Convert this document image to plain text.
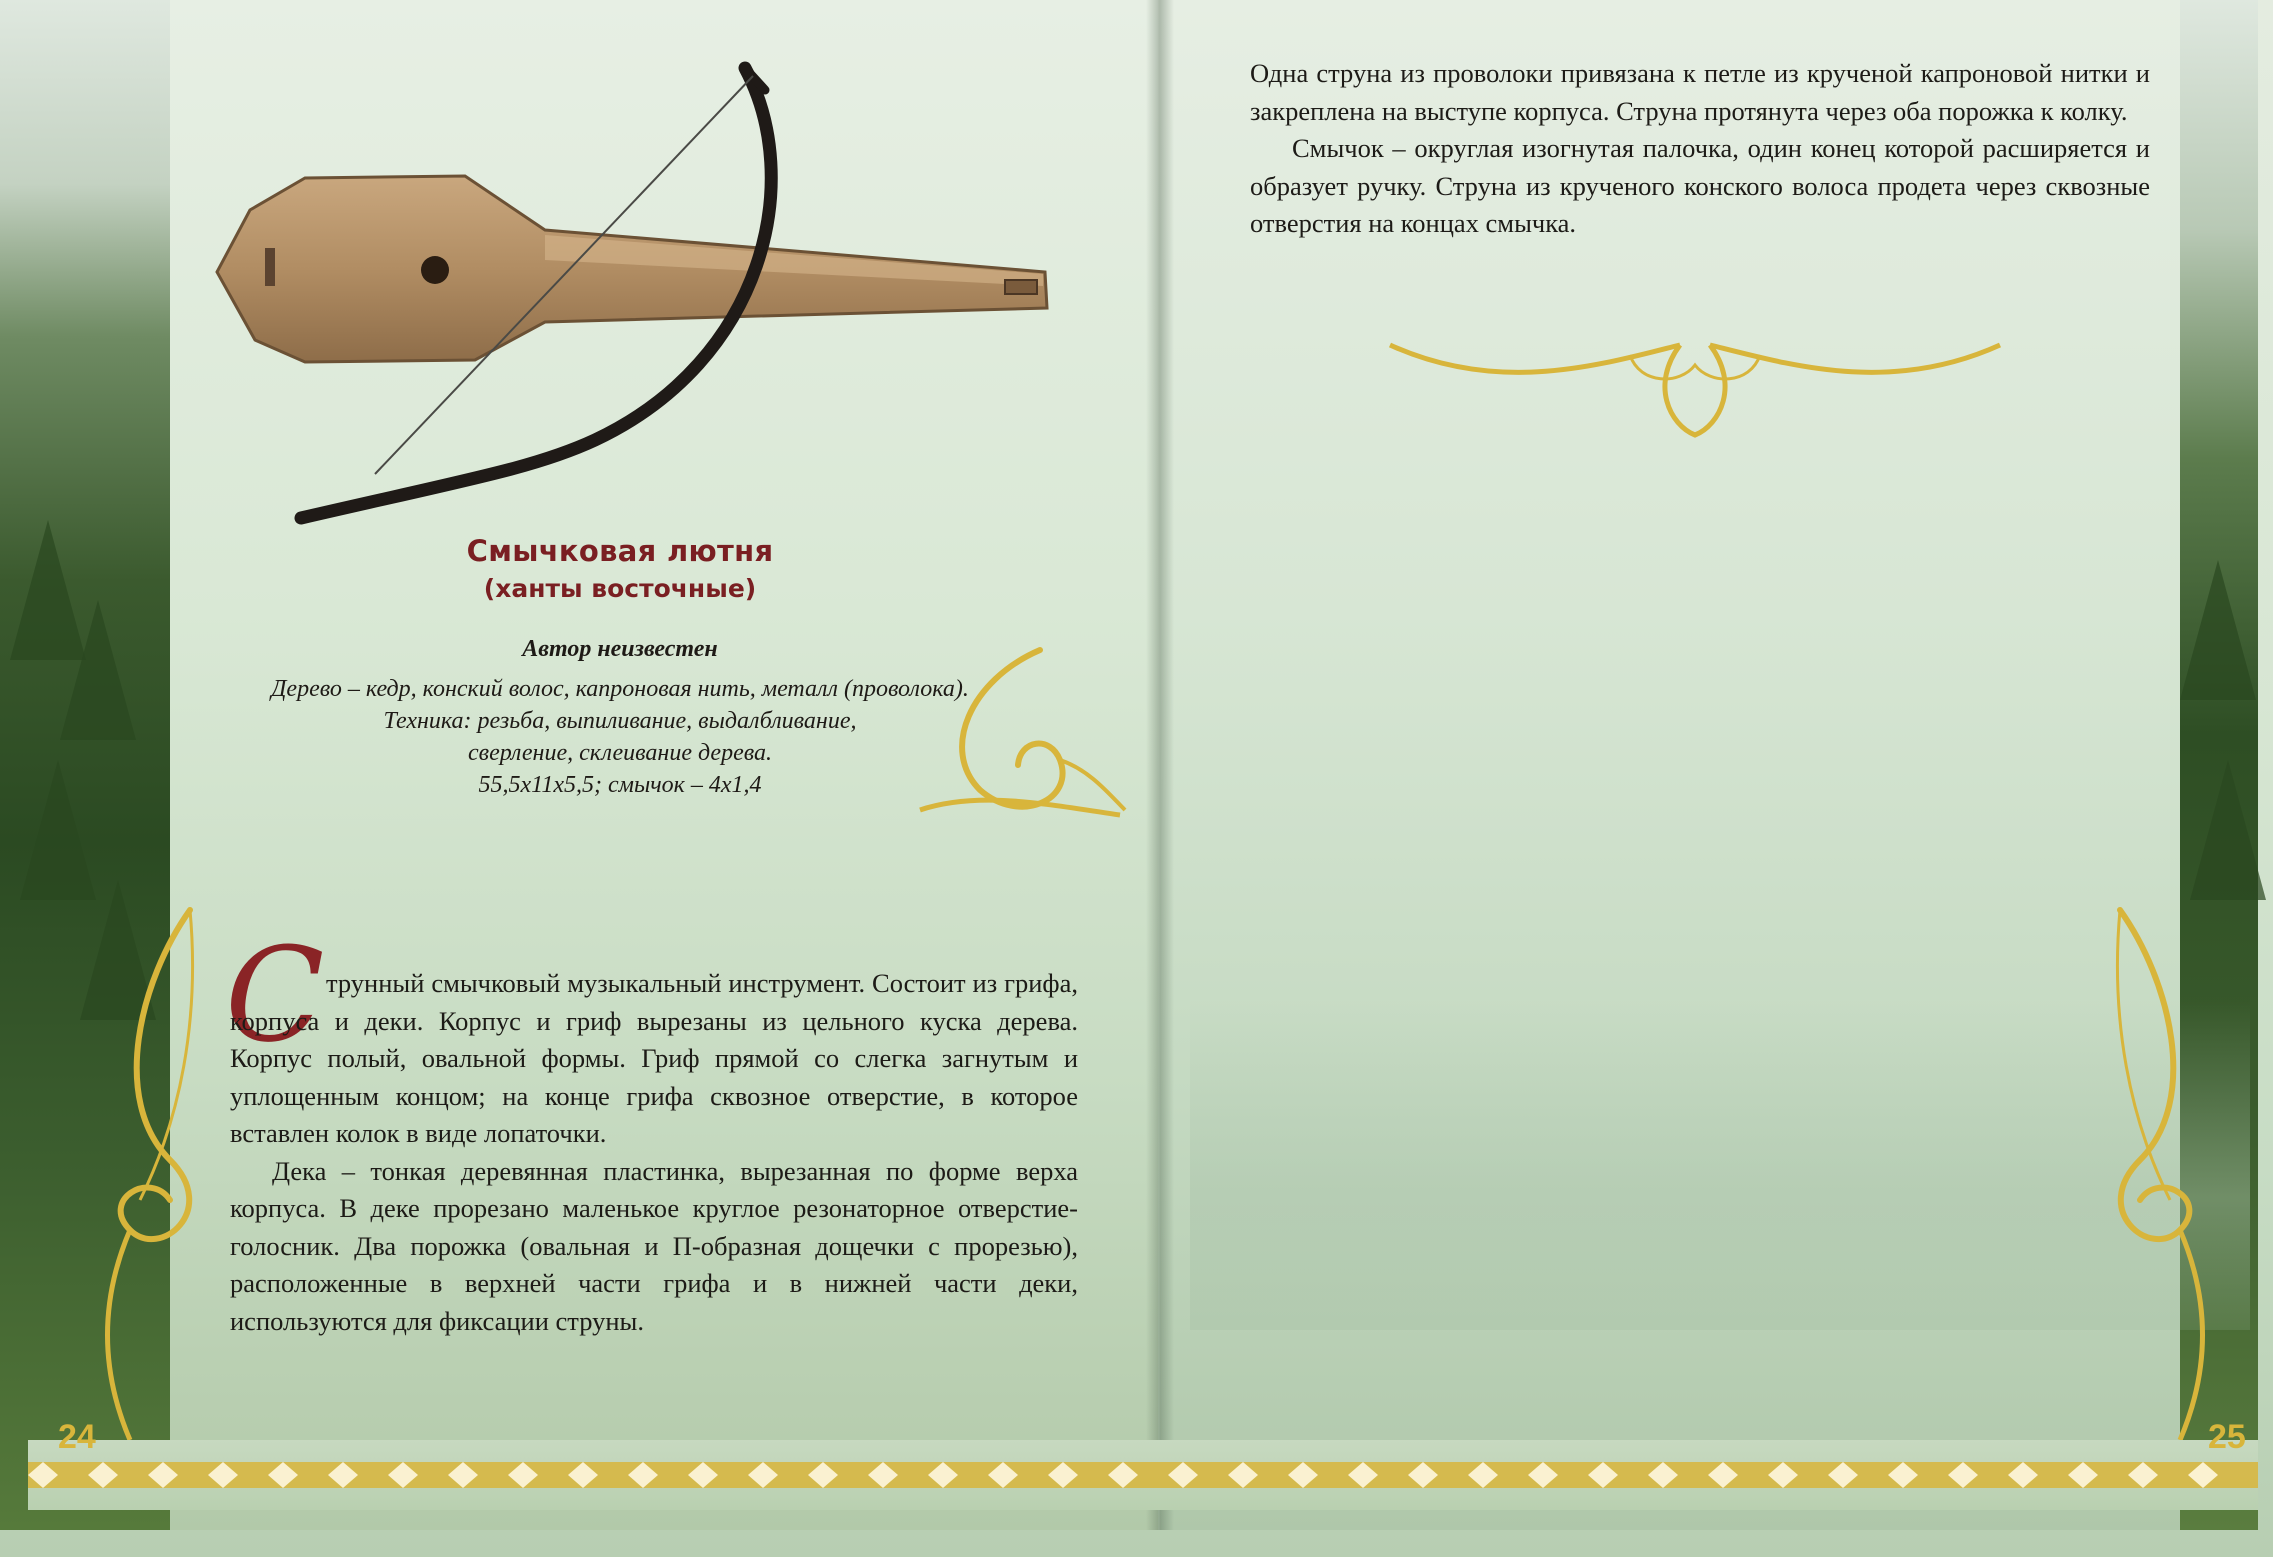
Смычковая лютня
(ханты восточные)
Автор неизвестен
Дерево – кедр, конский волос, капроновая нить, металл (проволока).
Техника: резьба, выпиливание, выдалбливание,
сверление, склеивание дерева.
55,5x11x5,5; смычок – 4x1,4
С трунный смычковый музыкальный инструмент. Состоит из грифа, корпуса и деки. Корпус и гриф вырезаны из цельного куска дерева. Корпус полый, овальной формы. Гриф прямой со слегка загнутым и уплощенным концом; на конце грифа сквозное отверстие, в которое вставлен колок в виде лопаточки.

Дека – тонкая деревянная пластинка, вырезанная по форме верха корпуса. В деке прорезано маленькое круглое резонаторное отверстие-голосник. Два порожка (овальная и П-образная дощечки с прорезью), расположенные в верхней части грифа и в нижней части деки, используются для фиксации струны.

Одна струна из проволоки привязана к петле из крученой капроновой нитки и закреплена на выступе корпуса. Струна протянута через оба порожка к колку.

Смычок – округлая изогнутая палочка, один конец которой расширяется и образует ручку. Струна из крученого конского волоса продета через сквозные отверстия на концах смычка.

24	25
